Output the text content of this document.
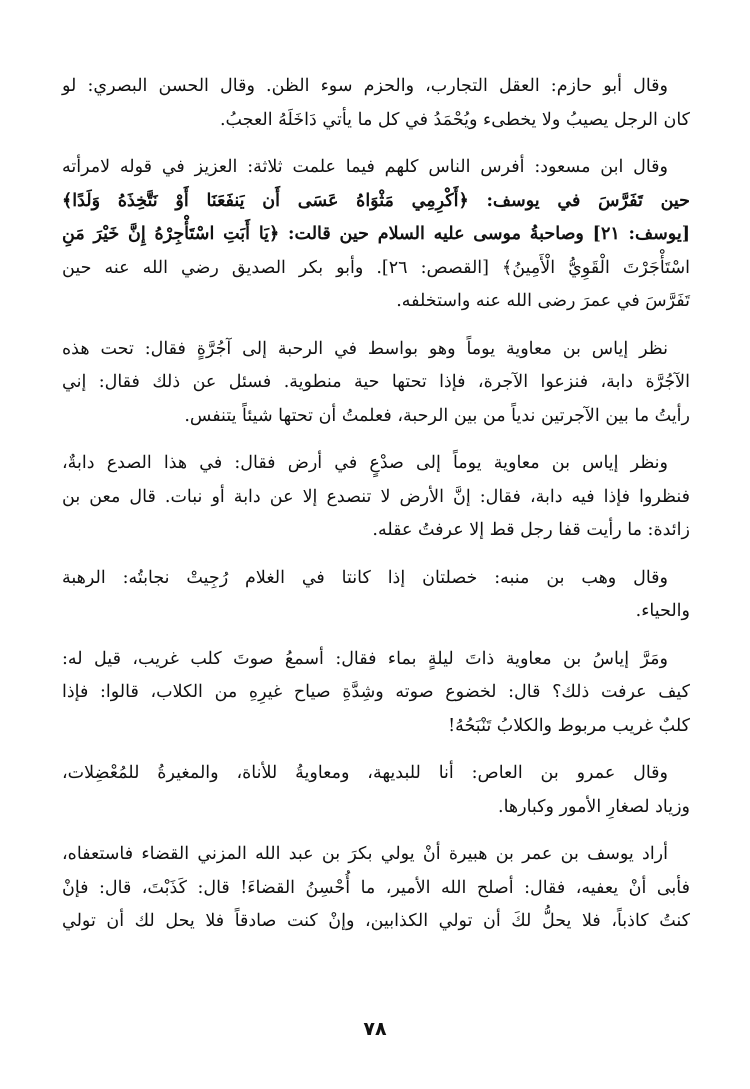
وقال أبو حازم: العقل التجارب، والحزم سوء الظن. وقال الحسن البصري: لو
كان الرجل يصيبُ ولا يخطىء ويُحْمَدُ في كل ما يأتي دَاخَلَهُ العجبُ.

وقال ابن مسعود: أفرس الناس كلهم فيما علمت ثلاثة: العزيز في قوله لامرأته
حين تَفَرَّسَ في يوسف: ﴿أَكْرِمِي مَثْوَاهُ عَسَى أَن يَنفَعَنَا أَوْ نَتَّخِذَهُ وَلَدًا﴾
[يوسف: ٢١] وصاحبةُ موسى عليه السلام حين قالت: ﴿يَا أَبَتِ اسْتَأْجِرْهُ إِنَّ خَيْرَ مَنِ
اسْتَأْجَرْتَ الْقَوِيُّ الْأَمِينُ﴾ [القصص: ٢٦]. وأبو بكر الصديق رضي الله عنه حين
تَفَرَّسَ في عمرَ رضى الله عنه واستخلفه.

نظر إياس بن معاوية يوماً وهو بواسط في الرحبة إلى آجُرَّةٍ فقال: تحت هذه
الآجُرَّة دابة، فنزعوا الآجرة، فإذا تحتها حية منطوية. فسئل عن ذلك فقال: إني
رأيتُ ما بين الآجرتين ندياً من بين الرحبة، فعلمتُ أن تحتها شيئاً يتنفس.

ونظر إياس بن معاوية يوماً إلى صدْعٍ في أرض فقال: في هذا الصدع دابةٌ،
فنظروا فإذا فيه دابة، فقال: إنَّ الأرض لا تنصدع إلا عن دابة أو نبات. قال معن بن
زائدة: ما رأيت قفا رجل قط إلا عرفتُ عقله.

وقال وهب بن منبه: خصلتان إذا كانتا في الغلام رُجِيتْ نجابتُه: الرهبة
والحياء.

ومَرَّ إياسُ بن معاوية ذاتَ ليلةٍ بماء فقال: أسمعُ صوتَ كلب غريب، قيل له:
كيف عرفت ذلك؟ قال: لخضوع صوته وشِدَّةِ صياح غيرِهِ من الكلاب، قالوا: فإذا
كلبٌ غريب مربوط والكلابُ تَنْبَحُهُ!

وقال عمرو بن العاص: أنا للبديهة، ومعاويةُ للأناة، والمغيرةُ للمُعْضِلات،
وزياد لصغارِ الأمور وكبارها.

أراد يوسف بن عمر بن هبيرة أنْ يولي بكرَ بن عبد الله المزني القضاء فاستعفاه،
فأبى أنْ يعفيه، فقال: أصلح الله الأمير، ما أُحْسِنُ القضاءَ! قال: كَذَبْتَ، قال: فإنْ
كنتُ كاذباً، فلا يحلُّ لكَ أن تولي الكذابين، وإنْ كنت صادقاً فلا يحل لك أن تولي

٧٨
